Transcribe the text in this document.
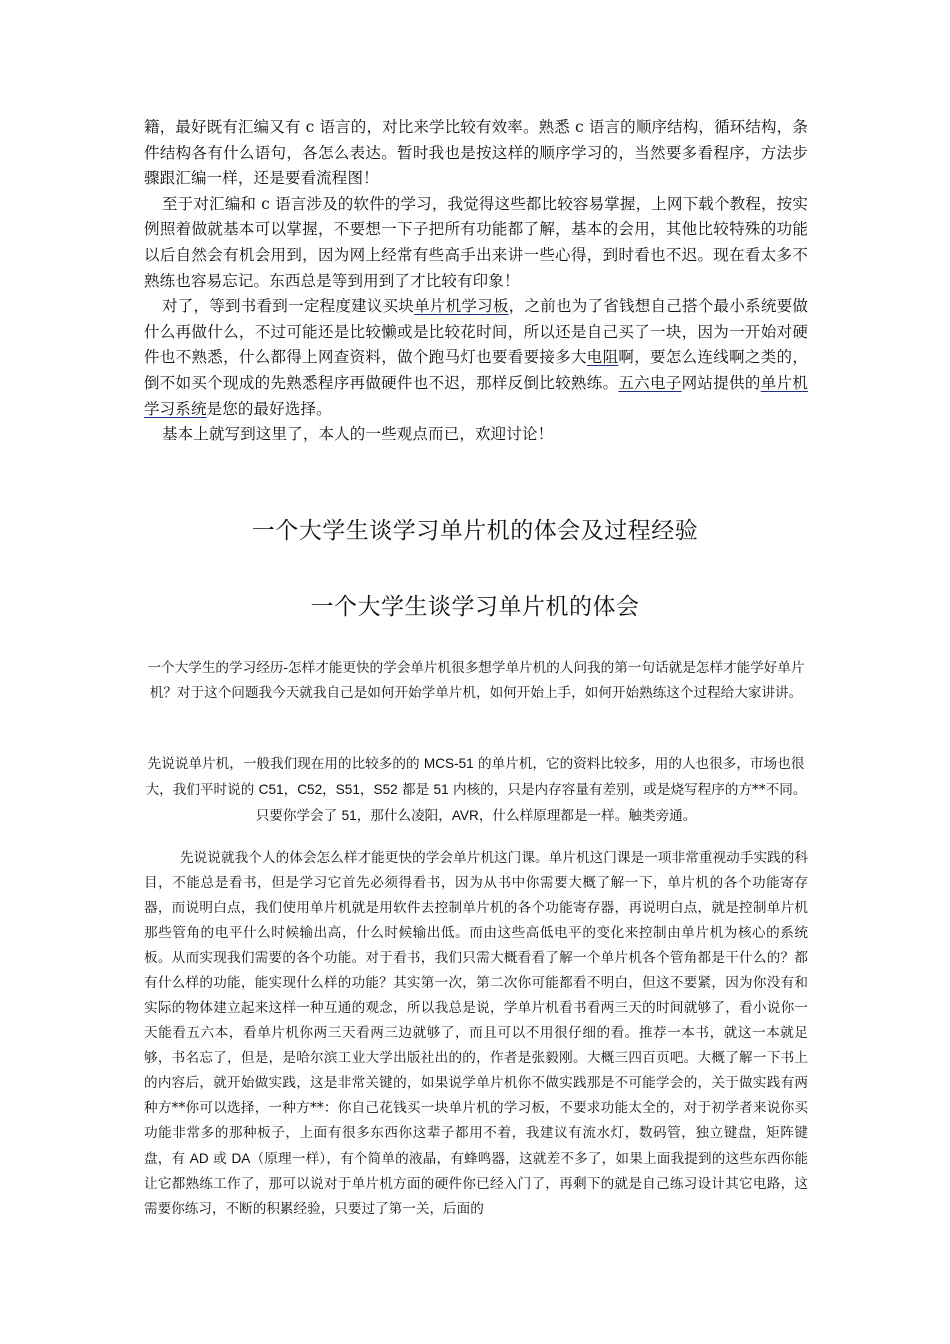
籍，最好既有汇编又有 c 语言的，对比来学比较有效率。熟悉 c 语言的顺序结构，循环结构，条件结构各有什么语句，各怎么表达。暂时我也是按这样的顺序学习的，当然要多看程序，方法步骤跟汇编一样，还是要看流程图！

至于对汇编和 c 语言涉及的软件的学习，我觉得这些都比较容易掌握，上网下载个教程，按实例照着做就基本可以掌握，不要想一下子把所有功能都了解，基本的会用，其他比较特殊的功能以后自然会有机会用到，因为网上经常有些高手出来讲一些心得，到时看也不迟。现在看太多不熟练也容易忘记。东西总是等到用到了才比较有印象！

对了，等到书看到一定程度建议买块单片机学习板，之前也为了省钱想自己搭个最小系统要做什么再做什么，不过可能还是比较懒或是比较花时间，所以还是自己买了一块，因为一开始对硬件也不熟悉，什么都得上网查资料，做个跑马灯也要看要接多大电阻啊，要怎么连线啊之类的，倒不如买个现成的先熟悉程序再做硬件也不迟，那样反倒比较熟练。五六电子网站提供的单片机学习系统是您的最好选择。

基本上就写到这里了，本人的一些观点而已，欢迎讨论！

一个大学生谈学习单片机的体会及过程经验
一个大学生谈学习单片机的体会

一个大学生的学习经历-怎样才能更快的学会单片机很多想学单片机的人问我的第一句话就是怎样才能学好单片机？对于这个问题我今天就我自己是如何开始学单片机，如何开始上手，如何开始熟练这个过程给大家讲讲。

先说说单片机，一般我们现在用的比较多的的 MCS-51 的单片机，它的资料比较多，用的人也很多，市场也很大，我们平时说的 C51，C52，S51，S52 都是 51 内核的，只是内存容量有差别，或是烧写程序的方**不同。只要你学会了 51，那什么凌阳，AVR，什么样原理都是一样。触类旁通。

先说说就我个人的体会怎么样才能更快的学会单片机这门课。单片机这门课是一项非常重视动手实践的科目，不能总是看书，但是学习它首先必须得看书，因为从书中你需要大概了解一下，单片机的各个功能寄存器，而说明白点，我们使用单片机就是用软件去控制单片机的各个功能寄存器，再说明白点，就是控制单片机那些管角的电平什么时候输出高，什么时候输出低。而由这些高低电平的变化来控制由单片机为核心的系统板。从而实现我们需要的各个功能。对于看书，我们只需大概看看了解一个单片机各个管角都是干什么的？都有什么样的功能，能实现什么样的功能？其实第一次，第二次你可能都看不明白，但这不要紧，因为你没有和实际的物体建立起来这样一种互通的观念，所以我总是说，学单片机看书看两三天的时间就够了，看小说你一天能看五六本，看单片机你两三天看两三边就够了，而且可以不用很仔细的看。推荐一本书，就这一本就足够，书名忘了，但是，是哈尔滨工业大学出版社出的的，作者是张毅刚。大概三四百页吧。大概了解一下书上的内容后，就开始做实践，这是非常关键的，如果说学单片机你不做实践那是不可能学会的，关于做实践有两种方**你可以选择，一种方**：你自己花钱买一块单片机的学习板，不要求功能太全的，对于初学者来说你买功能非常多的那种板子，上面有很多东西你这辈子都用不着，我建议有流水灯，数码管，独立键盘，矩阵键盘，有 AD 或 DA（原理一样），有个简单的液晶，有蜂鸣器，这就差不多了，如果上面我提到的这些东西你能让它都熟练工作了，那可以说对于单片机方面的硬件你已经入门了，再剩下的就是自己练习设计其它电路，这需要你练习，不断的积累经验，只要过了第一关，后面的
